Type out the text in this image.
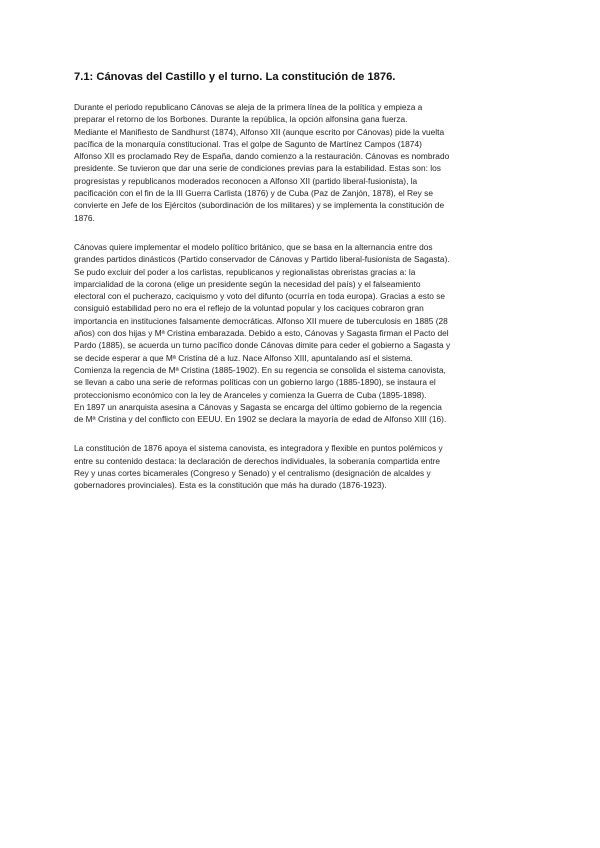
7.1: Cánovas del Castillo y el turno. La constitución de 1876.
Durante el periodo republicano Cánovas se aleja de la primera línea de la política y empieza a
preparar el retorno de los Borbones. Durante la república, la opción alfonsina gana fuerza.
Mediante el Manifiesto de Sandhurst (1874), Alfonso XII (aunque escrito por Cánovas) pide la vuelta
pacífica de la monarquía constitucional. Tras el golpe de Sagunto de Martínez Campos (1874)
Alfonso XII es proclamado Rey de España, dando comienzo a la restauración. Cánovas es nombrado
presidente. Se tuvieron que dar una serie de condiciones previas para la estabilidad. Estas son: los
progresistas y republicanos moderados reconocen a Alfonso XII (partido liberal-fusionista), la
pacificación con el fin de la III Guerra Carlista (1876) y de Cuba (Paz de Zanjón, 1878), el Rey se
convierte en Jefe de los Ejércitos (subordinación de los militares) y se implementa la constitución de
1876.
Cánovas quiere implementar el modelo político británico, que se basa en la alternancia entre dos
grandes partidos dinásticos (Partido conservador de Cánovas y Partido liberal-fusionista de Sagasta).
Se pudo excluir del poder a los carlistas, republicanos y regionalistas obreristas gracias a: la
imparcialidad de la corona (elige un presidente según la necesidad del país) y el falseamiento
electoral con el pucherazo, caciquismo y voto del difunto (ocurría en toda europa). Gracias a esto se
consiguió estabilidad pero no era el reflejo de la voluntad popular y los caciques cobraron gran
importancia en instituciones falsamente democráticas. Alfonso XII muere de tuberculosis en 1885 (28
años) con dos hijas y Mª Cristina embarazada. Debido a esto, Cánovas y Sagasta firman el Pacto del
Pardo (1885), se acuerda un turno pacífico donde Cánovas dimite para ceder el gobierno a Sagasta y
se decide esperar a que Mª Cristina dé a luz. Nace Alfonso XIII, apuntalando así el sistema.
Comienza la regencia de Mª Cristina (1885-1902). En su regencia se consolida el sistema canovista,
se llevan a cabo una serie de reformas políticas con un gobierno largo (1885-1890), se instaura el
proteccionismo económico con la ley de Aranceles y comienza la Guerra de Cuba (1895-1898).
En 1897 un anarquista asesina a Cánovas y Sagasta se encarga del último gobierno de la regencia
de Mª Cristina y del conflicto con EEUU. En 1902 se declara la mayoría de edad de Alfonso XIII (16).
La constitución de 1876 apoya el sistema canovista, es integradora y flexible en puntos polémicos y
entre su contenido destaca: la declaración de derechos individuales, la soberanía compartida entre
Rey y unas cortes bicamerales (Congreso y Senado) y el centralismo (designación de alcaldes y
gobernadores provinciales). Esta es la constitución que más ha durado (1876-1923).
